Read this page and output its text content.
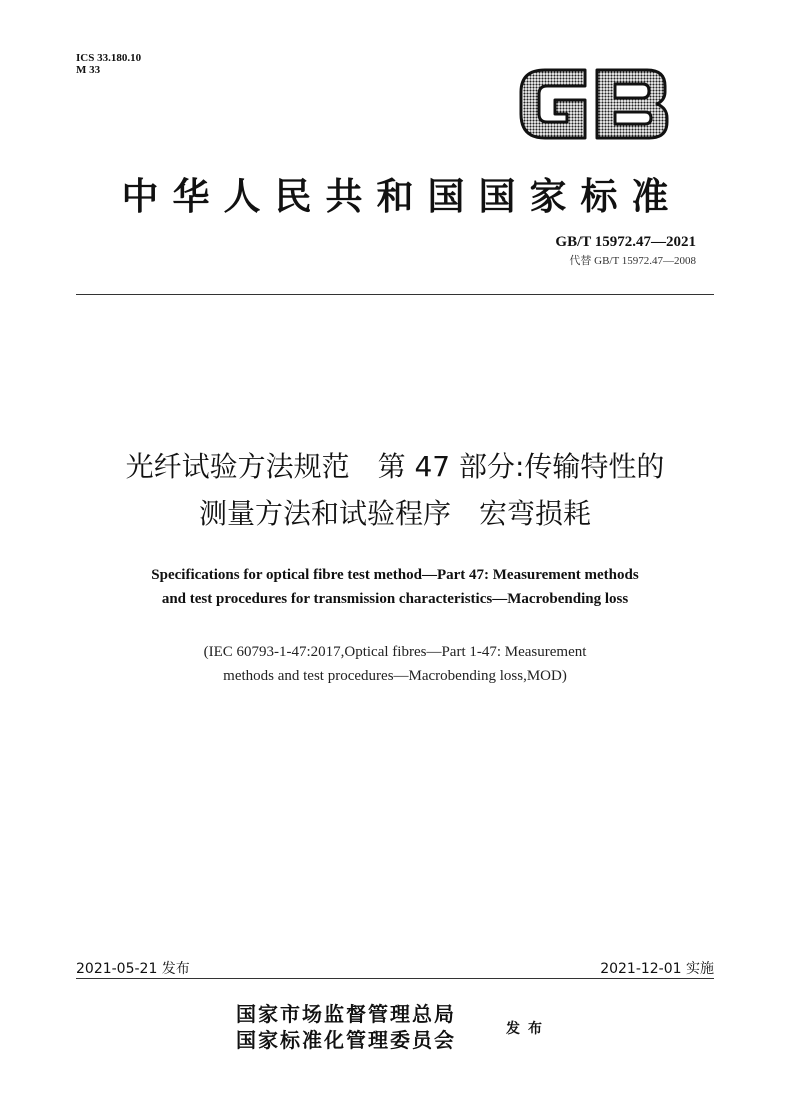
ICS 33.180.10
M 33
中华人民共和国国家标准
GB/T 15972.47—2021
代替 GB/T 15972.47—2008
光纤试验方法规范　第 47 部分:传输特性的
测量方法和试验程序　宏弯损耗
Specifications for optical fibre test method—Part 47: Measurement methods
and test procedures for transmission characteristics—Macrobending loss
(IEC 60793-1-47:2017,Optical fibres—Part 1-47: Measurement
methods and test procedures—Macrobending loss,MOD)
2021-05-21 发布	2021-12-01 实施
国家市场监督管理总局
国家标准化管理委员会	发布
